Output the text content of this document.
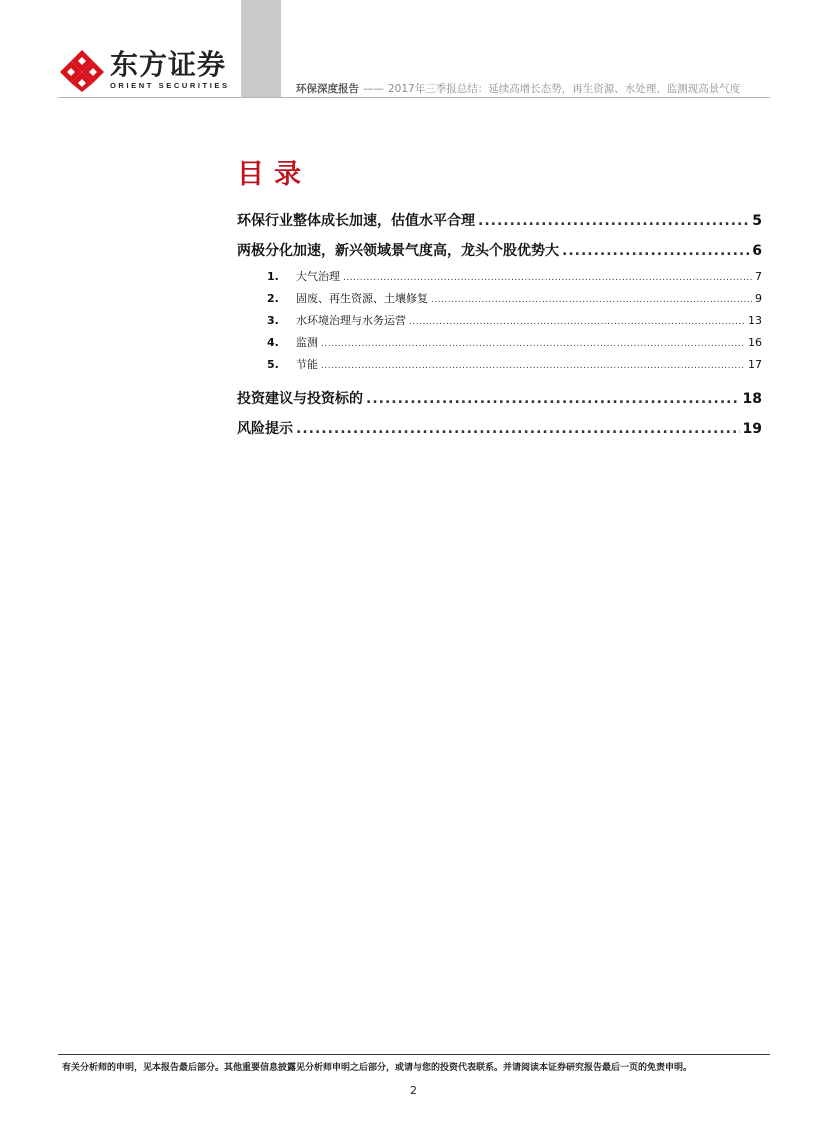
东方证券
ORIENT SECURITIES	环保深度报告 —— 2017年三季报总结：延续高增长态势，再生资源、水处理、监测现高景气度
目录
环保行业整体成长加速，估值水平合理 .....	5
两极分化加速，新兴领域景气度高，龙头个股优势大 .....	6
1.	大气治理 .....	7
2.	固废、再生资源、土壤修复 .....	9
3.	水环境治理与水务运营 .....	13
4.	监测 .....	16
5.	节能 .....	17
投资建议与投资标的 .....	18
风险提示 .....	19
有关分析师的申明，见本报告最后部分。其他重要信息披露见分析师申明之后部分，或请与您的投资代表联系。并请阅读本证券研究报告最后一页的免责申明。
2
